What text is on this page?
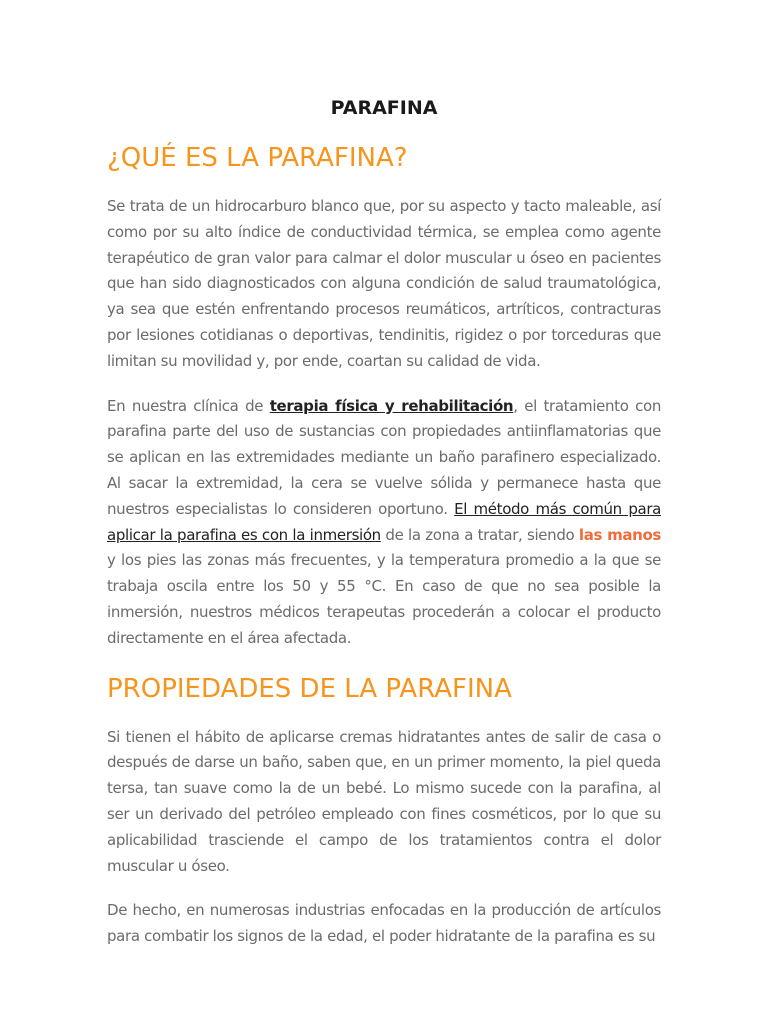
PARAFINA
¿QUÉ ES LA PARAFINA?

Se trata de un hidrocarburo blanco que, por su aspecto y tacto maleable, así como por su alto índice de conductividad térmica, se emplea como agente terapéutico de gran valor para calmar el dolor muscular u óseo en pacientes que han sido diagnosticados con alguna condición de salud traumatológica, ya sea que estén enfrentando procesos reumáticos, artríticos, contracturas por lesiones cotidianas o deportivas, tendinitis, rigidez o por torceduras que limitan su movilidad y, por ende, coartan su calidad de vida.

En nuestra clínica de terapia física y rehabilitación, el tratamiento con parafina parte del uso de sustancias con propiedades antiinflamatorias que se aplican en las extremidades mediante un baño parafinero especializado. Al sacar la extremidad, la cera se vuelve sólida y permanece hasta que nuestros especialistas lo consideren oportuno. El método más común para aplicar la parafina es con la inmersión de la zona a tratar, siendo las manos y los pies las zonas más frecuentes, y la temperatura promedio a la que se trabaja oscila entre los 50 y 55 °C. En caso de que no sea posible la inmersión, nuestros médicos terapeutas procederán a colocar el producto directamente en el área afectada.

PROPIEDADES DE LA PARAFINA

Si tienen el hábito de aplicarse cremas hidratantes antes de salir de casa o después de darse un baño, saben que, en un primer momento, la piel queda tersa, tan suave como la de un bebé. Lo mismo sucede con la parafina, al ser un derivado del petróleo empleado con fines cosméticos, por lo que su aplicabilidad trasciende el campo de los tratamientos contra el dolor muscular u óseo.

De hecho, en numerosas industrias enfocadas en la producción de artículos para combatir los signos de la edad, el poder hidratante de la parafina es su
